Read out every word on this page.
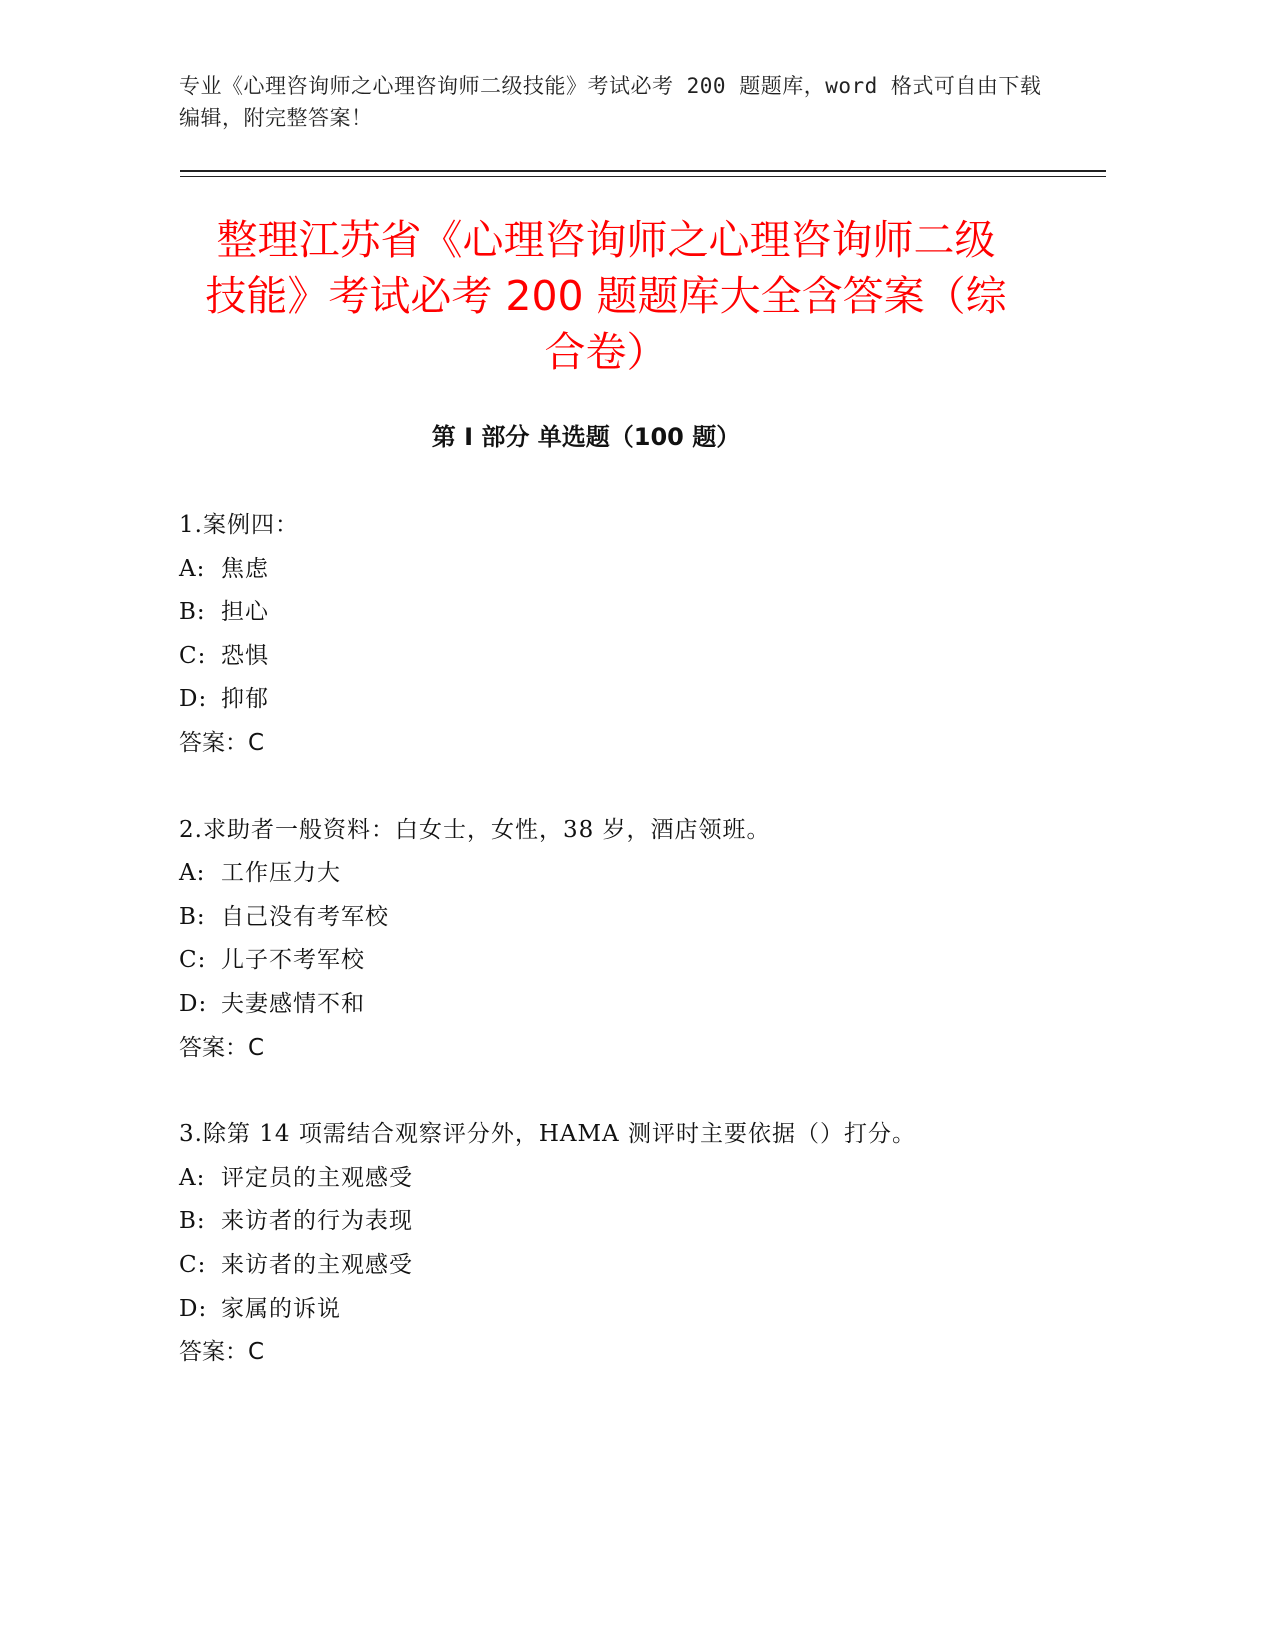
专业《心理咨询师之心理咨询师二级技能》考试必考 200 题题库，word 格式可自由下载编辑，附完整答案！
整理江苏省《心理咨询师之心理咨询师二级
技能》考试必考 200 题题库大全含答案（综
合卷）
第 I 部分 单选题（100 题）
1.案例四：
A: 焦虑
B: 担心
C: 恐惧
D: 抑郁
答案：C
2.求助者一般资料：白女士，女性，38 岁，酒店领班。
A: 工作压力大
B: 自己没有考军校
C: 儿子不考军校
D: 夫妻感情不和
答案：C
3.除第 14 项需结合观察评分外，HAMA 测评时主要依据（）打分。
A: 评定员的主观感受
B: 来访者的行为表现
C: 来访者的主观感受
D: 家属的诉说
答案：C
